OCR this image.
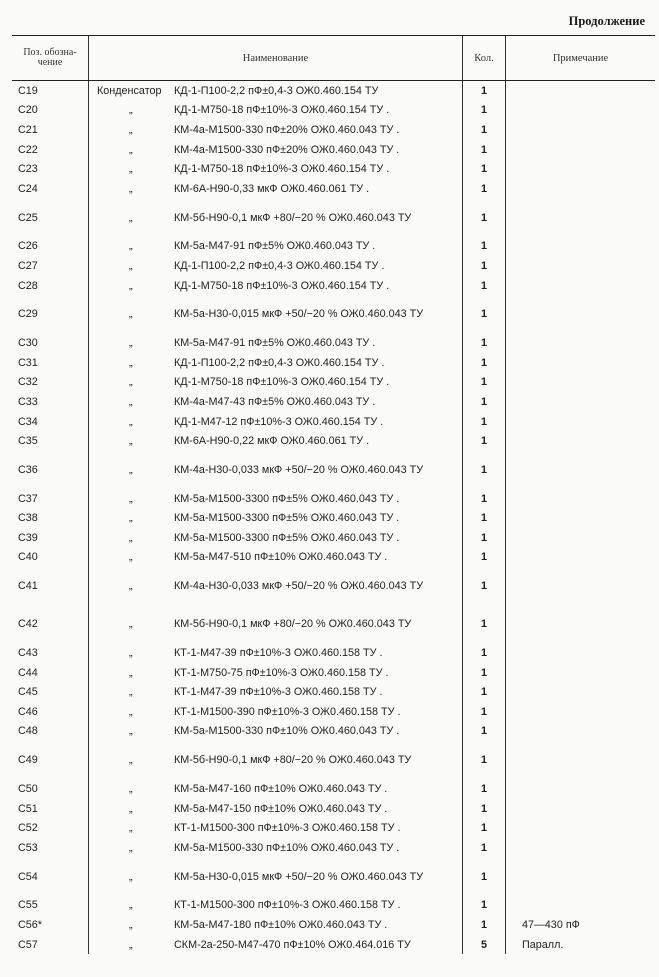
Продолжение
Поз. обозна-чение	Наименование	Кол.	Примечание
C19	Конденсатор	КД-1-П100-2,2 пФ±0,4-3 ОЖ0.460.154 ТУ	1
C20	„	КД-1-М750-18 пФ±10%-3 ОЖ0.460.154 ТУ .	1
C21	„	КМ-4а-М1500-330 пФ±20% ОЖ0.460.043 ТУ .	1
C22	„	КМ-4а-М1500-330 пФ±20% ОЖ0.460.043 ТУ .	1
C23	„	КД-1-М750-18 пФ±10%-3 ОЖ0.460.154 ТУ .	1
C24	„	КМ-6А-Н90-0,33 мкФ ОЖ0.460.061 ТУ .	1
C25	„	КМ-5б-Н90-0,1 мкФ +80/−20 % ОЖ0.460.043 ТУ	1
C26	„	КМ-5а-М47-91 пФ±5% ОЖ0.460.043 ТУ .	1
C27	„	КД-1-П100-2,2 пФ±0,4-3 ОЖ0.460.154 ТУ .	1
C28	„	КД-1-М750-18 пФ±10%-3 ОЖ0.460.154 ТУ .	1
C29	„	КМ-5а-Н30-0,015 мкФ +50/−20 % ОЖ0.460.043 ТУ	1
C30	„	КМ-5а-М47-91 пФ±5% ОЖ0.460.043 ТУ .	1
C31	„	КД-1-П100-2,2 пФ±0,4-3 ОЖ0.460.154 ТУ .	1
C32	„	КД-1-М750-18 пФ±10%-3 ОЖ0.460.154 ТУ .	1
C33	„	КМ-4а-М47-43 пФ±5% ОЖ0.460.043 ТУ .	1
C34	„	КД-1-М47-12 пФ±10%-3 ОЖ0.460.154 ТУ .	1
C35	„	КМ-6А-Н90-0,22 мкФ ОЖ0.460.061 ТУ .	1
C36	„	КМ-4а-Н30-0,033 мкФ +50/−20 % ОЖ0.460.043 ТУ	1
C37	„	КМ-5а-М1500-3300 пФ±5% ОЖ0.460.043 ТУ .	1
C38	„	КМ-5а-М1500-3300 пФ±5% ОЖ0.460.043 ТУ .	1
C39	„	КМ-5а-М1500-3300 пФ±5% ОЖ0.460.043 ТУ .	1
C40	„	КМ-5а-М47-510 пФ±10% ОЖ0.460.043 ТУ .	1
C41	„	КМ-4а-Н30-0,033 мкФ +50/−20 % ОЖ0.460.043 ТУ	1
C42	„	КМ-5б-Н90-0,1 мкФ +80/−20 % ОЖ0.460.043 ТУ	1
C43	„	КТ-1-М47-39 пФ±10%-3 ОЖ0.460.158 ТУ .	1
C44	„	КТ-1-М750-75 пФ±10%-3 ОЖ0.460.158 ТУ .	1
C45	„	КТ-1-М47-39 пФ±10%-3 ОЖ0.460.158 ТУ .	1
C46	„	КТ-1-М1500-390 пФ±10%-3 ОЖ0.460.158 ТУ .	1
C48	„	КМ-5а-М1500-330 пФ±10% ОЖ0.460.043 ТУ .	1
C49	„	КМ-5б-Н90-0,1 мкФ +80/−20 % ОЖ0.460.043 ТУ	1
C50	„	КМ-5а-М47-160 пФ±10% ОЖ0.460.043 ТУ .	1
C51	„	КМ-5а-М47-150 пФ±10% ОЖ0.460.043 ТУ .	1
C52	„	КТ-1-М1500-300 пФ±10%-3 ОЖ0.460.158 ТУ .	1
C53	„	КМ-5а-М1500-330 пФ±10% ОЖ0.460.043 ТУ .	1
C54	„	КМ-5а-Н30-0,015 мкФ +50/−20 % ОЖ0.460.043 ТУ	1
C55	„	КТ-1-М1500-300 пФ±10%-3 ОЖ0.460.158 ТУ .	1
C56*	„	КМ-5а-М47-180 пФ±10% ОЖ0.460.043 ТУ .	1	47—430 пФ
C57	„	СКМ-2а-250-М47-470 пФ±10% ОЖ0.464.016 ТУ	5	Паралл.
